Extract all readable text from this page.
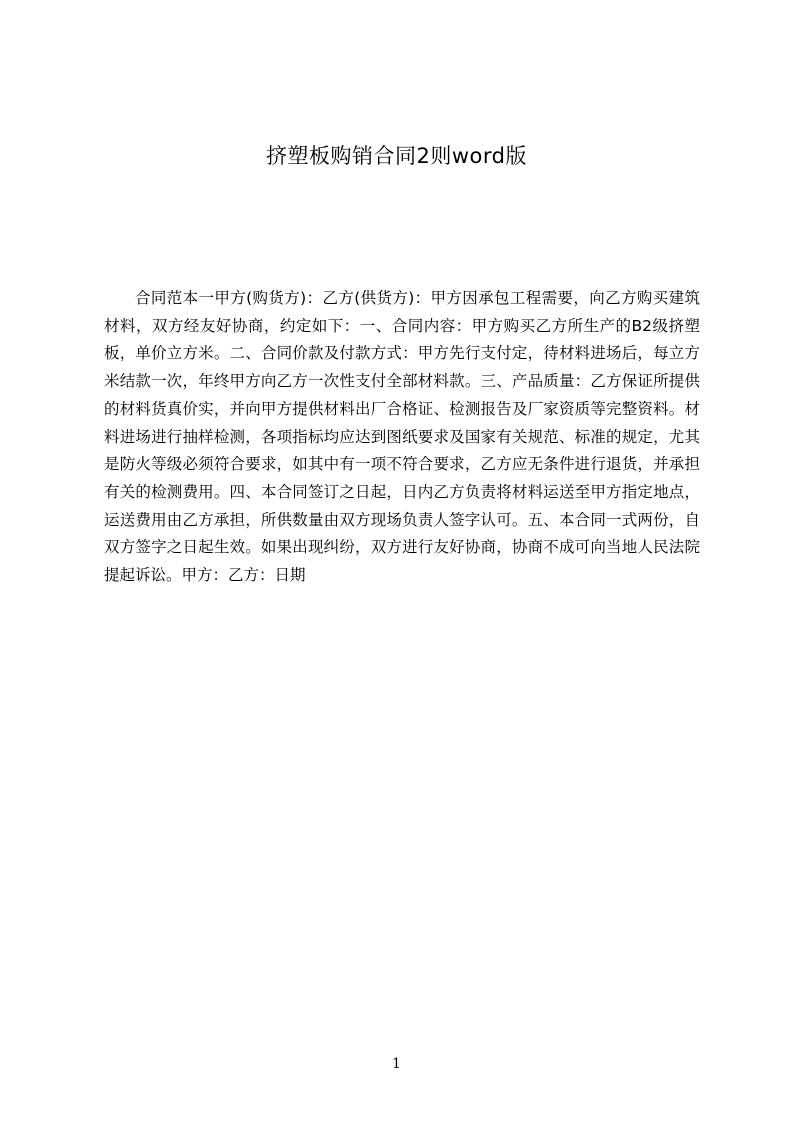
挤塑板购销合同2则word版

合同范本一甲方(购货方)：乙方(供货方)：甲方因承包工程需要，向乙方购买建筑材料，双方经友好协商，约定如下：一、合同内容：甲方购买乙方所生产的B2级挤塑板，单价立方米。二、合同价款及付款方式：甲方先行支付定，待材料进场后，每立方米结款一次，年终甲方向乙方一次性支付全部材料款。三、产品质量：乙方保证所提供的材料货真价实，并向甲方提供材料出厂合格证、检测报告及厂家资质等完整资料。材料进场进行抽样检测，各项指标均应达到图纸要求及国家有关规范、标准的规定，尤其是防火等级必须符合要求，如其中有一项不符合要求，乙方应无条件进行退货，并承担有关的检测费用。四、本合同签订之日起，日内乙方负责将材料运送至甲方指定地点，运送费用由乙方承担，所供数量由双方现场负责人签字认可。五、本合同一式两份，自双方签字之日起生效。如果出现纠纷，双方进行友好协商，协商不成可向当地人民法院提起诉讼。甲方：乙方：日期

1
